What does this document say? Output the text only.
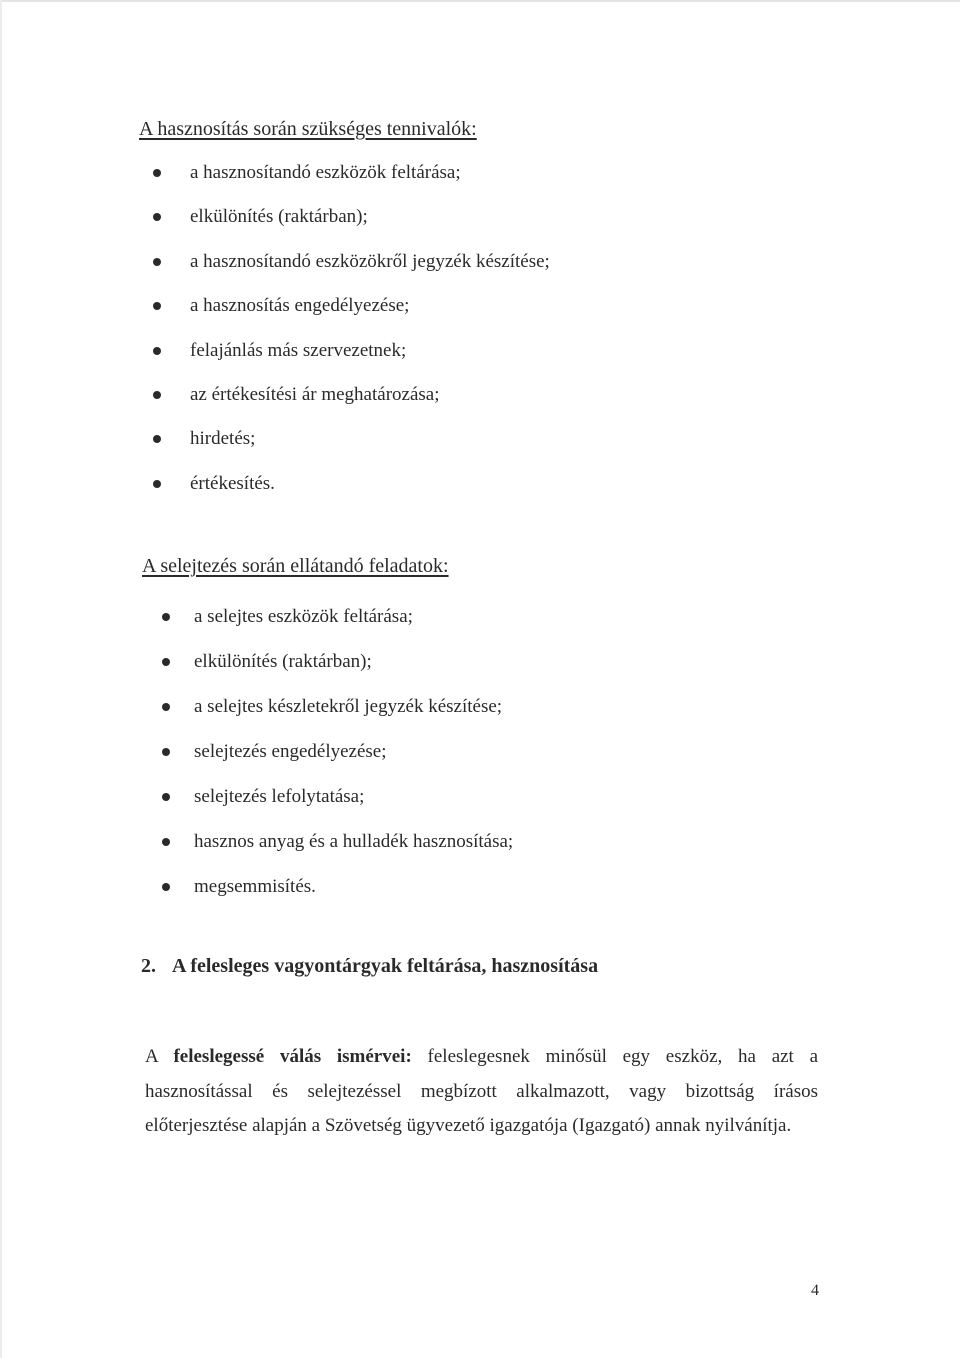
A hasznosítás során szükséges tennivalók:
a hasznosítandó eszközök feltárása;
elkülönítés (raktárban);
a hasznosítandó eszközökről jegyzék készítése;
a hasznosítás engedélyezése;
felajánlás más szervezetnek;
az értékesítési ár meghatározása;
hirdetés;
értékesítés.
A selejtezés során ellátandó feladatok:
a selejtes eszközök feltárása;
elkülönítés (raktárban);
a selejtes készletekről jegyzék készítése;
selejtezés engedélyezése;
selejtezés lefolytatása;
hasznos anyag és a hulladék hasznosítása;
megsemmisítés.
2. A felesleges vagyontárgyak feltárása, hasznosítása

A feleslegessé válás ismérvei: feleslegesnek minősül egy eszköz, ha azt a hasznosítással és selejtezéssel megbízott alkalmazott, vagy bizottság írásos előterjesztése alapján a Szövetség ügyvezető igazgatója (Igazgató) annak nyilvánítja.

4
